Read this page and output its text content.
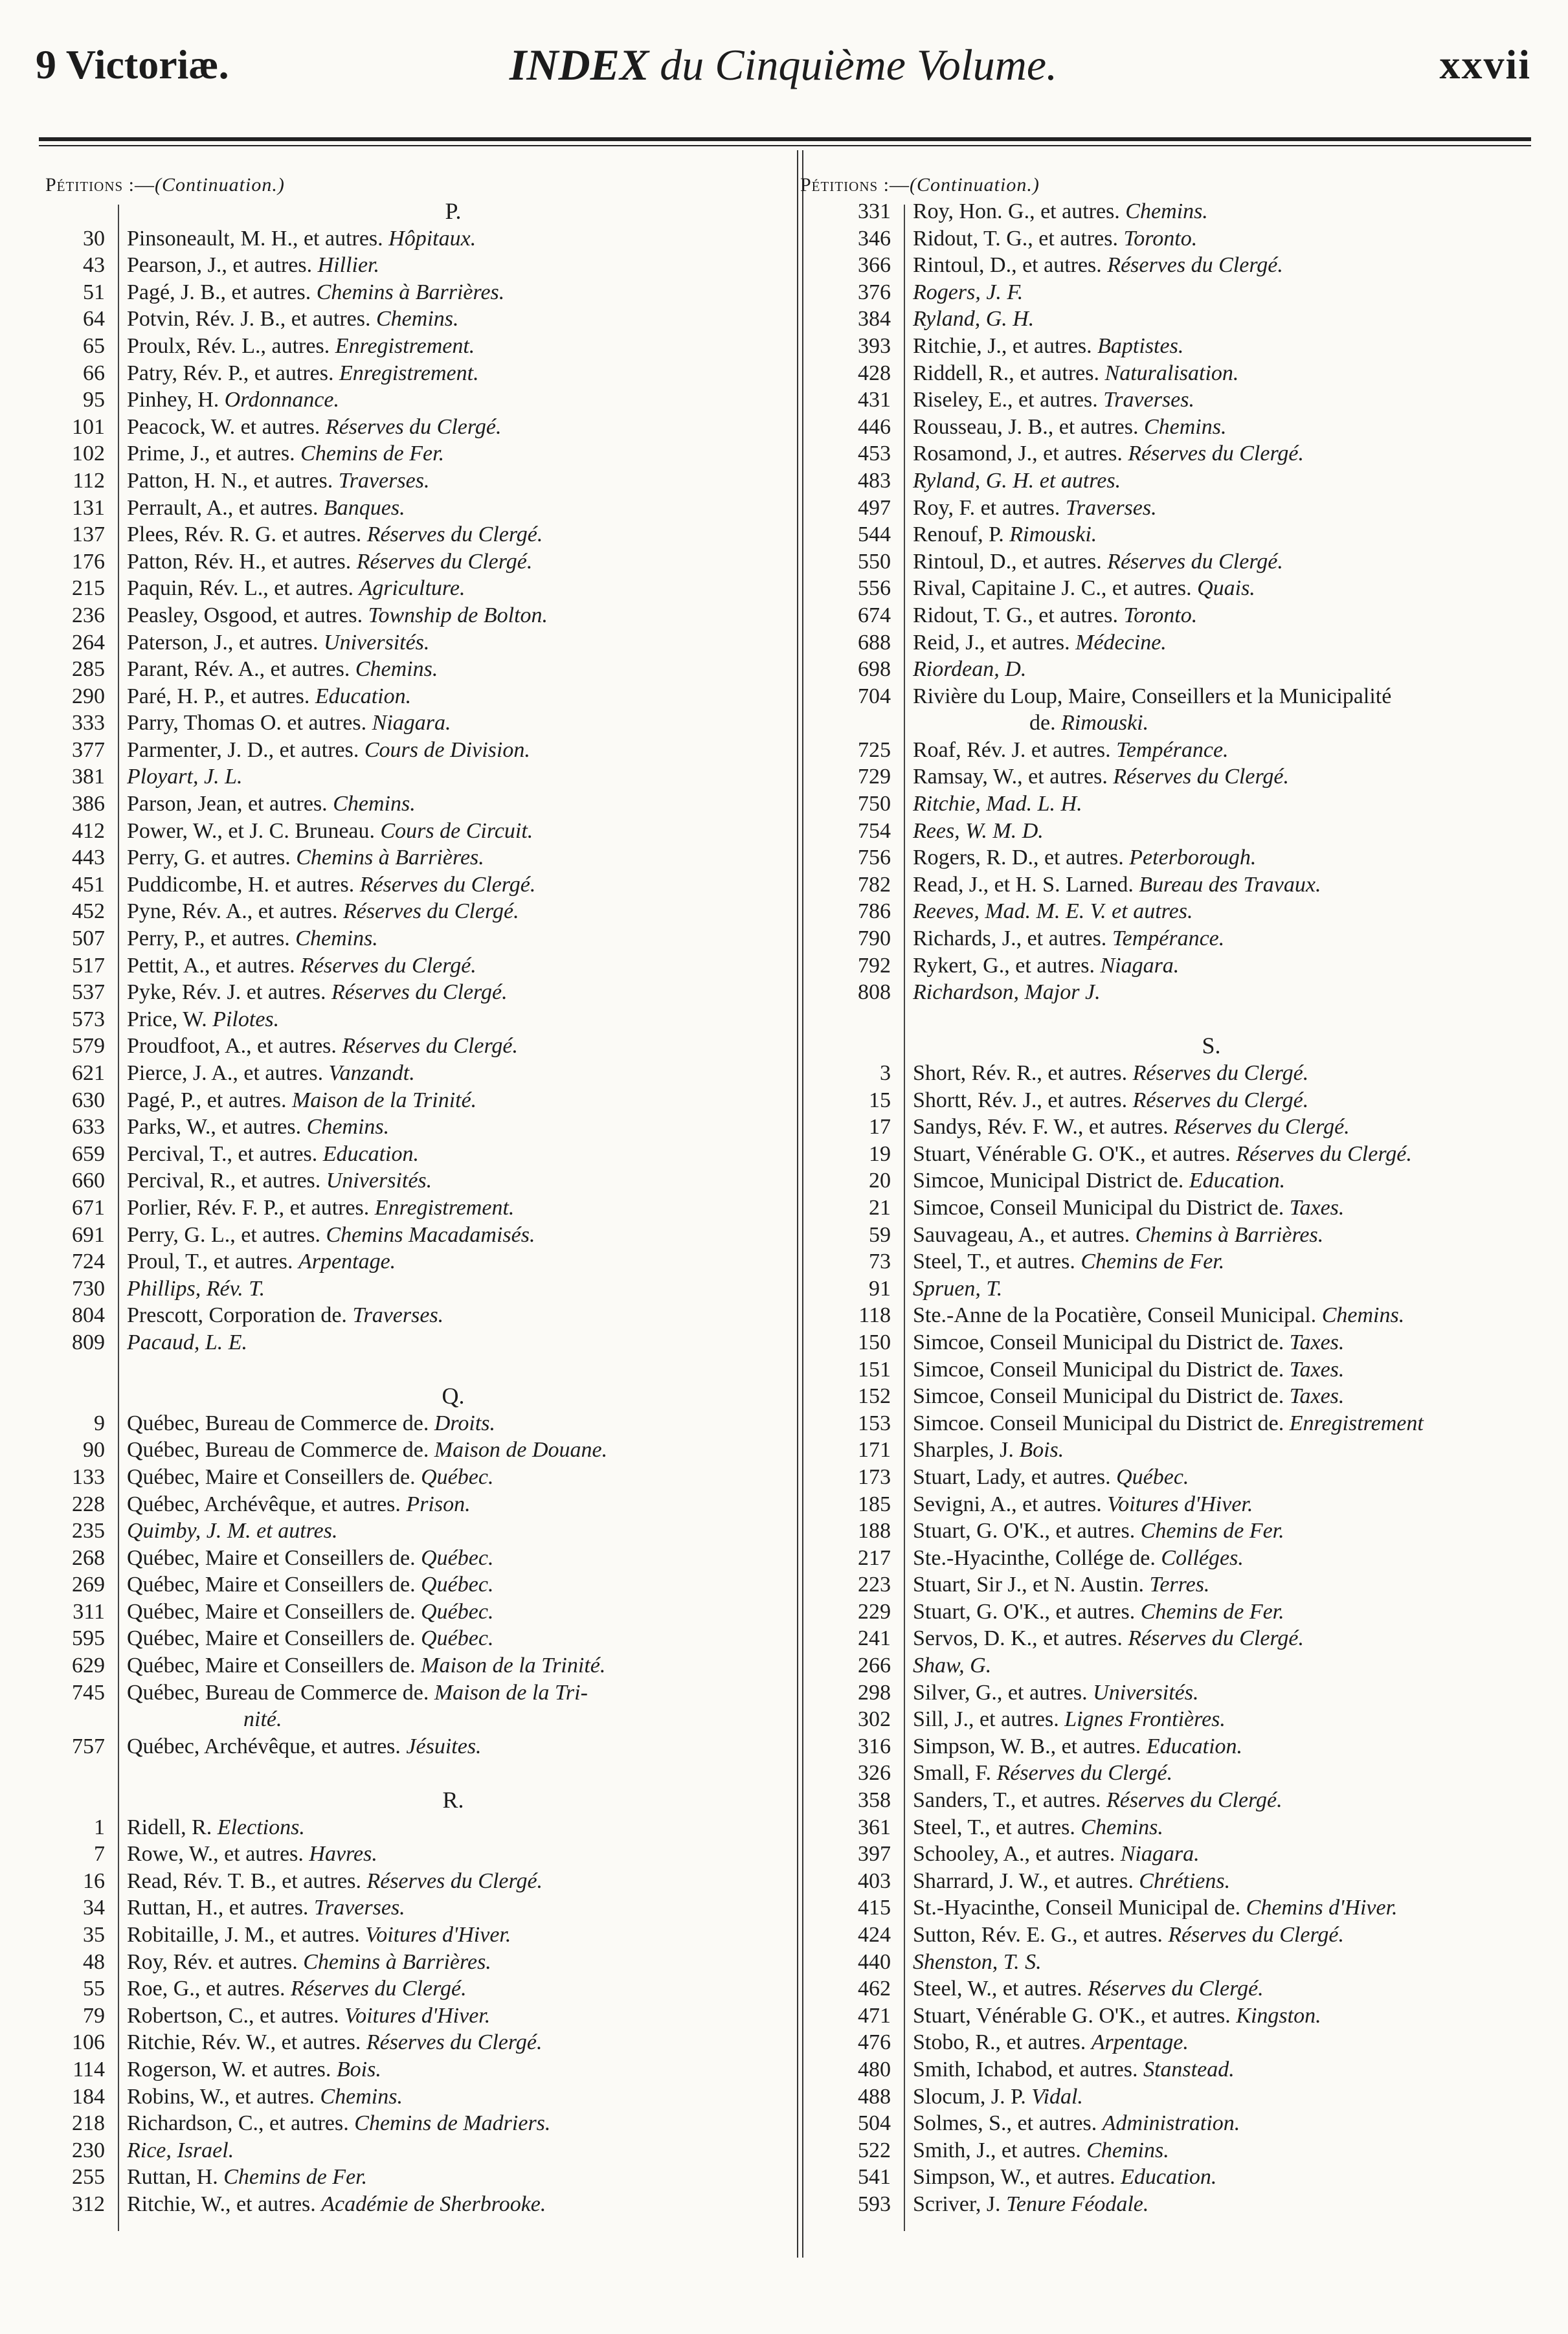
9 Victoriæ.	INDEX du Cinquième Volume.	xxvii
Pétitions :—(Continuation.)
P.
30	Pinsoneault, M. H., et autres. Hôpitaux.
43	Pearson, J., et autres. Hillier.
51	Pagé, J. B., et autres. Chemins à Barrières.
64	Potvin, Rév. J. B., et autres. Chemins.
65	Proulx, Rév. L., autres. Enregistrement.
66	Patry, Rév. P., et autres. Enregistrement.
95	Pinhey, H. Ordonnance.
101	Peacock, W. et autres. Réserves du Clergé.
102	Prime, J., et autres. Chemins de Fer.
112	Patton, H. N., et autres. Traverses.
131	Perrault, A., et autres. Banques.
137	Plees, Rév. R. G. et autres. Réserves du Clergé.
176	Patton, Rév. H., et autres. Réserves du Clergé.
215	Paquin, Rév. L., et autres. Agriculture.
236	Peasley, Osgood, et autres. Township de Bolton.
264	Paterson, J., et autres. Universités.
285	Parant, Rév. A., et autres. Chemins.
290	Paré, H. P., et autres. Education.
333	Parry, Thomas O. et autres. Niagara.
377	Parmenter, J. D., et autres. Cours de Division.
381	Ployart, J. L.
386	Parson, Jean, et autres. Chemins.
412	Power, W., et J. C. Bruneau. Cours de Circuit.
443	Perry, G. et autres. Chemins à Barrières.
451	Puddicombe, H. et autres. Réserves du Clergé.
452	Pyne, Rév. A., et autres. Réserves du Clergé.
507	Perry, P., et autres. Chemins.
517	Pettit, A., et autres. Réserves du Clergé.
537	Pyke, Rév. J. et autres. Réserves du Clergé.
573	Price, W. Pilotes.
579	Proudfoot, A., et autres. Réserves du Clergé.
621	Pierce, J. A., et autres. Vanzandt.
630	Pagé, P., et autres. Maison de la Trinité.
633	Parks, W., et autres. Chemins.
659	Percival, T., et autres. Education.
660	Percival, R., et autres. Universités.
671	Porlier, Rév. F. P., et autres. Enregistrement.
691	Perry, G. L., et autres. Chemins Macadamisés.
724	Proul, T., et autres. Arpentage.
730	Phillips, Rév. T.
804	Prescott, Corporation de. Traverses.
809	Pacaud, L. E.
Q.
9	Québec, Bureau de Commerce de. Droits.
90	Québec, Bureau de Commerce de. Maison de Douane.
133	Québec, Maire et Conseillers de. Québec.
228	Québec, Archévêque, et autres. Prison.
235	Quimby, J. M. et autres.
268	Québec, Maire et Conseillers de. Québec.
269	Québec, Maire et Conseillers de. Québec.
311	Québec, Maire et Conseillers de. Québec.
595	Québec, Maire et Conseillers de. Québec.
629	Québec, Maire et Conseillers de. Maison de la Trinité.
745	Québec, Bureau de Commerce de. Maison de la Tri-
nité.
757	Québec, Archévêque, et autres. Jésuites.
R.
1	Ridell, R. Elections.
7	Rowe, W., et autres. Havres.
16	Read, Rév. T. B., et autres. Réserves du Clergé.
34	Ruttan, H., et autres. Traverses.
35	Robitaille, J. M., et autres. Voitures d'Hiver.
48	Roy, Rév. et autres. Chemins à Barrières.
55	Roe, G., et autres. Réserves du Clergé.
79	Robertson, C., et autres. Voitures d'Hiver.
106	Ritchie, Rév. W., et autres. Réserves du Clergé.
114	Rogerson, W. et autres. Bois.
184	Robins, W., et autres. Chemins.
218	Richardson, C., et autres. Chemins de Madriers.
230	Rice, Israel.
255	Ruttan, H. Chemins de Fer.
312	Ritchie, W., et autres. Académie de Sherbrooke.
Pétitions :—(Continuation.)
331	Roy, Hon. G., et autres. Chemins.
346	Ridout, T. G., et autres. Toronto.
366	Rintoul, D., et autres. Réserves du Clergé.
376	Rogers, J. F.
384	Ryland, G. H.
393	Ritchie, J., et autres. Baptistes.
428	Riddell, R., et autres. Naturalisation.
431	Riseley, E., et autres. Traverses.
446	Rousseau, J. B., et autres. Chemins.
453	Rosamond, J., et autres. Réserves du Clergé.
483	Ryland, G. H. et autres.
497	Roy, F. et autres. Traverses.
544	Renouf, P. Rimouski.
550	Rintoul, D., et autres. Réserves du Clergé.
556	Rival, Capitaine J. C., et autres. Quais.
674	Ridout, T. G., et autres. Toronto.
688	Reid, J., et autres. Médecine.
698	Riordean, D.
704	Rivière du Loup, Maire, Conseillers et la Municipalité
de. Rimouski.
725	Roaf, Rév. J. et autres. Tempérance.
729	Ramsay, W., et autres. Réserves du Clergé.
750	Ritchie, Mad. L. H.
754	Rees, W. M. D.
756	Rogers, R. D., et autres. Peterborough.
782	Read, J., et H. S. Larned. Bureau des Travaux.
786	Reeves, Mad. M. E. V. et autres.
790	Richards, J., et autres. Tempérance.
792	Rykert, G., et autres. Niagara.
808	Richardson, Major J.
S.
3	Short, Rév. R., et autres. Réserves du Clergé.
15	Shortt, Rév. J., et autres. Réserves du Clergé.
17	Sandys, Rév. F. W., et autres. Réserves du Clergé.
19	Stuart, Vénérable G. O'K., et autres. Réserves du Clergé.
20	Simcoe, Municipal District de. Education.
21	Simcoe, Conseil Municipal du District de. Taxes.
59	Sauvageau, A., et autres. Chemins à Barrières.
73	Steel, T., et autres. Chemins de Fer.
91	Spruen, T.
118	Ste.-Anne de la Pocatière, Conseil Municipal. Chemins.
150	Simcoe, Conseil Municipal du District de. Taxes.
151	Simcoe, Conseil Municipal du District de. Taxes.
152	Simcoe, Conseil Municipal du District de. Taxes.
153	Simcoe. Conseil Municipal du District de. Enregistrement
171	Sharples, J. Bois.
173	Stuart, Lady, et autres. Québec.
185	Sevigni, A., et autres. Voitures d'Hiver.
188	Stuart, G. O'K., et autres. Chemins de Fer.
217	Ste.-Hyacinthe, Collége de. Colléges.
223	Stuart, Sir J., et N. Austin. Terres.
229	Stuart, G. O'K., et autres. Chemins de Fer.
241	Servos, D. K., et autres. Réserves du Clergé.
266	Shaw, G.
298	Silver, G., et autres. Universités.
302	Sill, J., et autres. Lignes Frontières.
316	Simpson, W. B., et autres. Education.
326	Small, F. Réserves du Clergé.
358	Sanders, T., et autres. Réserves du Clergé.
361	Steel, T., et autres. Chemins.
397	Schooley, A., et autres. Niagara.
403	Sharrard, J. W., et autres. Chrétiens.
415	St.-Hyacinthe, Conseil Municipal de. Chemins d'Hiver.
424	Sutton, Rév. E. G., et autres. Réserves du Clergé.
440	Shenston, T. S.
462	Steel, W., et autres. Réserves du Clergé.
471	Stuart, Vénérable G. O'K., et autres. Kingston.
476	Stobo, R., et autres. Arpentage.
480	Smith, Ichabod, et autres. Stanstead.
488	Slocum, J. P. Vidal.
504	Solmes, S., et autres. Administration.
522	Smith, J., et autres. Chemins.
541	Simpson, W., et autres. Education.
593	Scriver, J. Tenure Féodale.
